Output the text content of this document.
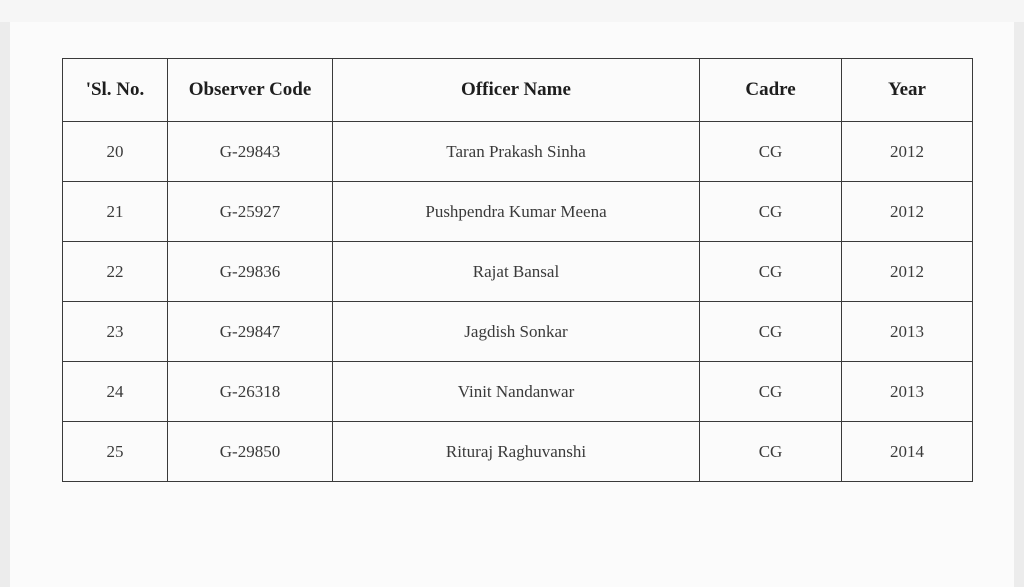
'Sl. No.	Observer Code	Officer Name	Cadre	Year
20	G-29843	Taran Prakash Sinha	CG	2012
21	G-25927	Pushpendra Kumar Meena	CG	2012
22	G-29836	Rajat Bansal	CG	2012
23	G-29847	Jagdish Sonkar	CG	2013
24	G-26318	Vinit Nandanwar	CG	2013
25	G-29850	Rituraj Raghuvanshi	CG	2014
